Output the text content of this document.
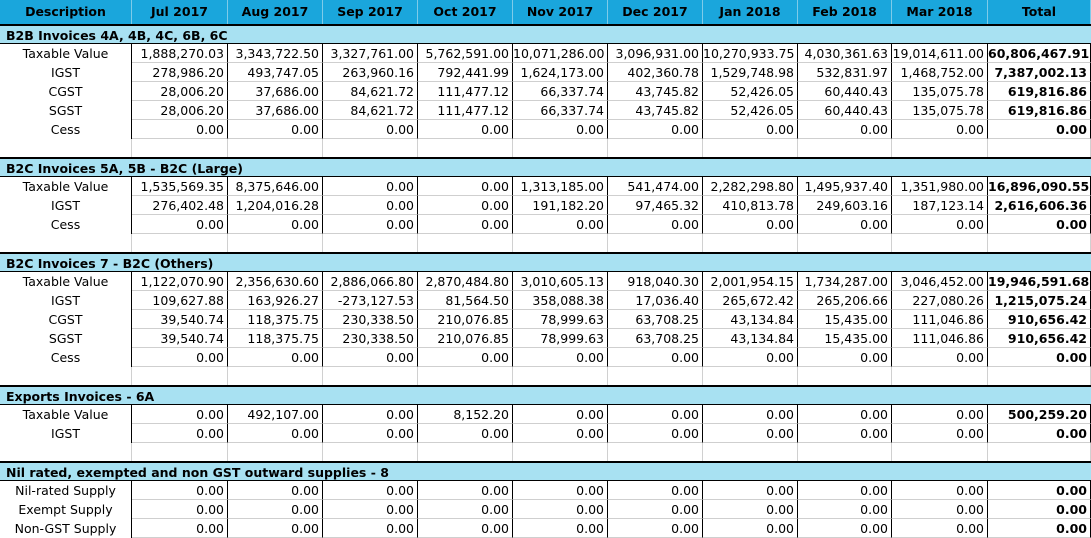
Description	Jul 2017	Aug 2017	Sep 2017	Oct 2017	Nov 2017	Dec 2017	Jan 2018	Feb 2018	Mar 2018	Total
B2B Invoices 4A, 4B, 4C, 6B, 6C
Taxable Value	1,888,270.03 3,343,722.50 3,327,761.00 5,762,591.00 10,071,286.00 3,096,931.00 10,270,933.75 4,030,361.63 19,014,611.00 60,806,467.91
IGST	278,986.20	493,747.05	263,960.16	792,441.99 1,624,173.00	402,360.78 1,529,748.98	532,831.97	1,468,752.00 7,387,002.13
CGST	28,006.20	37,686.00	84,621.72	111,477.12	66,337.74	43,745.82	52,426.05	60,440.43	135,075.78	619,816.86
SGST	28,006.20	37,686.00	84,621.72	111,477.12	66,337.74	43,745.82	52,426.05	60,440.43	135,075.78	619,816.86
Cess	0.00	0.00	0.00	0.00	0.00	0.00	0.00	0.00	0.00	0.00
B2C Invoices 5A, 5B - B2C (Large)
Taxable Value	1,535,569.35 8,375,646.00	0.00	0.00 1,313,185.00	541,474.00 2,282,298.80 1,495,937.40	1,351,980.00 16,896,090.55
IGST	276,402.48 1,204,016.28	0.00	0.00	191,182.20	97,465.32	410,813.78	249,603.16	187,123.14 2,616,606.36
Cess	0.00	0.00	0.00	0.00	0.00	0.00	0.00	0.00	0.00	0.00
B2C Invoices 7 - B2C (Others)
Taxable Value	1,122,070.90 2,356,630.60 2,886,066.80 2,870,484.80 3,010,605.13	918,040.30 2,001,954.15 1,734,287.00	3,046,452.00 19,946,591.68
IGST	109,627.88	163,926.27	-273,127.53	81,564.50	358,088.38	17,036.40	265,672.42	265,206.66	227,080.26 1,215,075.24
CGST	39,540.74	118,375.75	230,338.50	210,076.85	78,999.63	63,708.25	43,134.84	15,435.00	111,046.86	910,656.42
SGST	39,540.74	118,375.75	230,338.50	210,076.85	78,999.63	63,708.25	43,134.84	15,435.00	111,046.86	910,656.42
Cess	0.00	0.00	0.00	0.00	0.00	0.00	0.00	0.00	0.00	0.00
Exports Invoices - 6A
Taxable Value	0.00	492,107.00	0.00	8,152.20	0.00	0.00	0.00	0.00	0.00	500,259.20
IGST	0.00	0.00	0.00	0.00	0.00	0.00	0.00	0.00	0.00	0.00
Nil rated, exempted and non GST outward supplies - 8
Nil-rated Supply	0.00	0.00	0.00	0.00	0.00	0.00	0.00	0.00	0.00	0.00
Exempt Supply	0.00	0.00	0.00	0.00	0.00	0.00	0.00	0.00	0.00	0.00
Non-GST Supply	0.00	0.00	0.00	0.00	0.00	0.00	0.00	0.00	0.00	0.00
